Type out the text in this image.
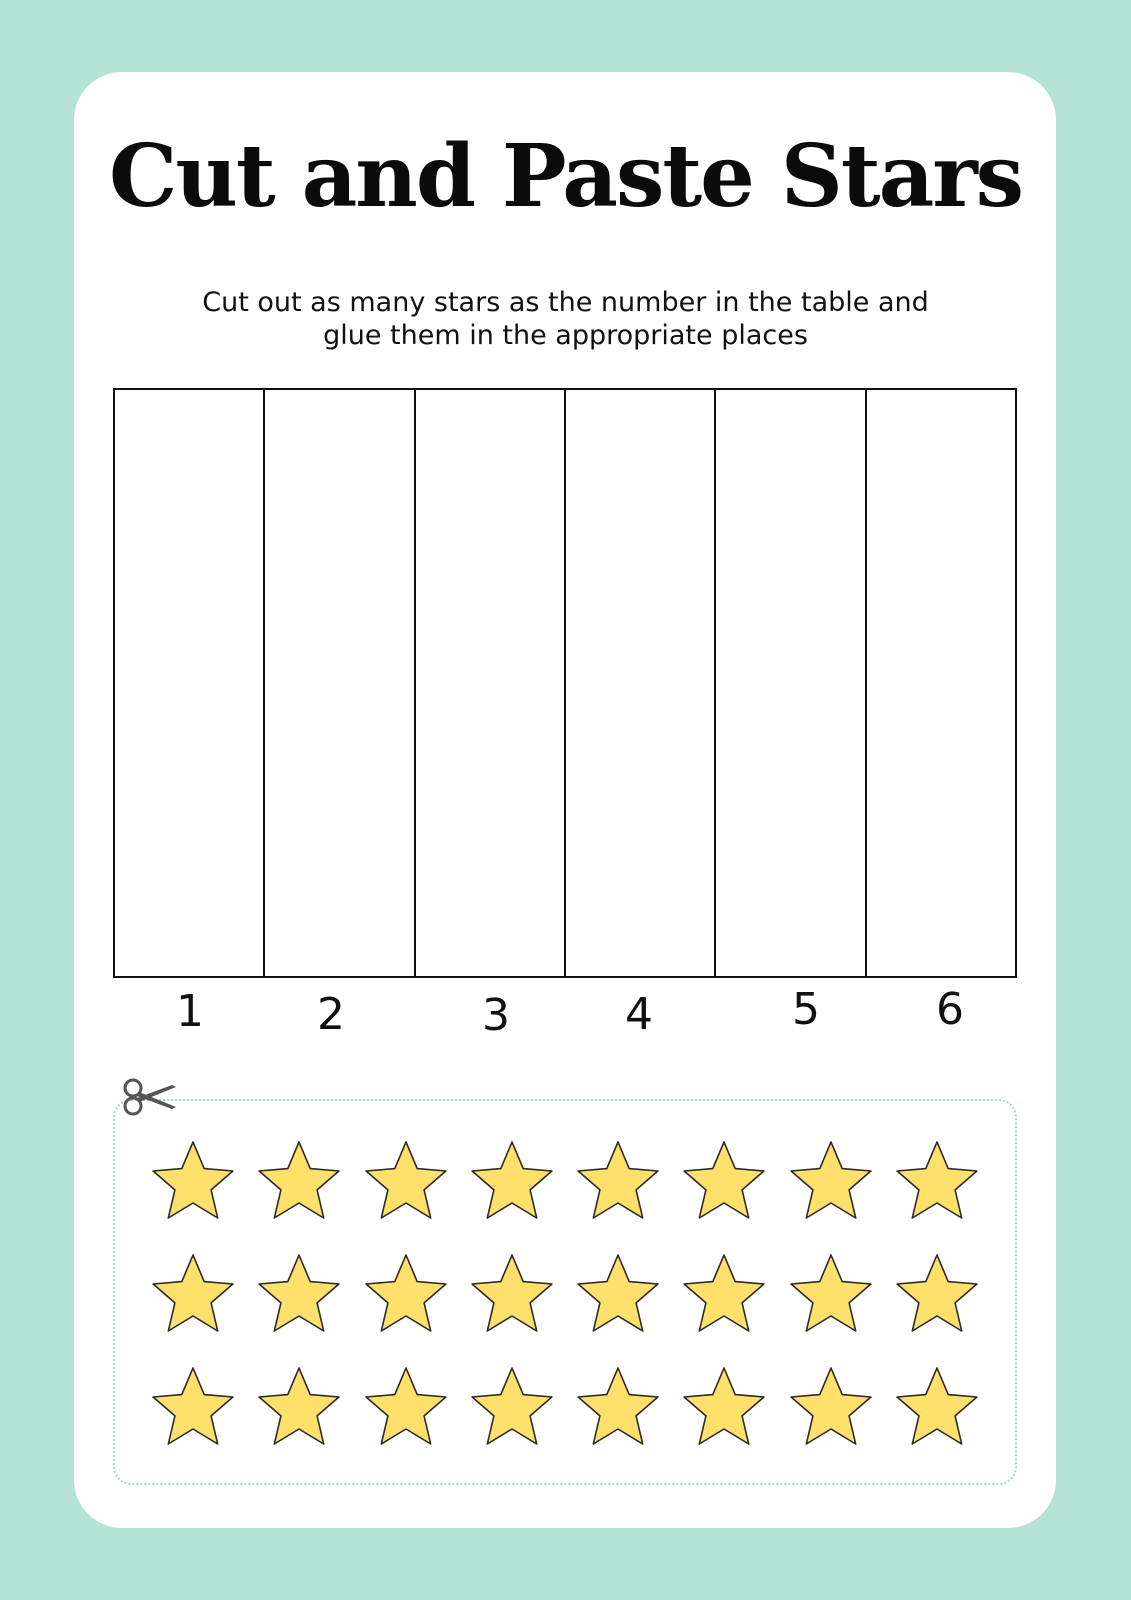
Cut and Paste Stars

Cut out as many stars as the number in the table and
glue them in the appropriate places

1	2	3	4	5	6
